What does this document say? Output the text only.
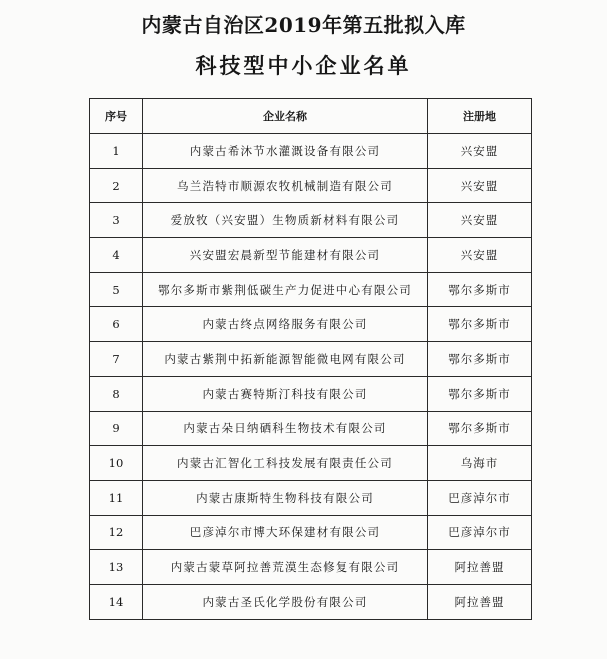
内蒙古自治区2019年第五批拟入库
科技型中小企业名单
序号	企业名称	注册地
1	内蒙古希沐节水灌溉设备有限公司	兴安盟
2	乌兰浩特市顺源农牧机械制造有限公司	兴安盟
3	爱放牧（兴安盟）生物质新材料有限公司	兴安盟
4	兴安盟宏晨新型节能建材有限公司	兴安盟
5	鄂尔多斯市紫荆低碳生产力促进中心有限公司	鄂尔多斯市
6	内蒙古终点网络服务有限公司	鄂尔多斯市
7	内蒙古紫荆中拓新能源智能微电网有限公司	鄂尔多斯市
8	内蒙古赛特斯汀科技有限公司	鄂尔多斯市
9	内蒙古朵日纳硒科生物技术有限公司	鄂尔多斯市
10	内蒙古汇智化工科技发展有限责任公司	乌海市
11	内蒙古康斯特生物科技有限公司	巴彦淖尔市
12	巴彦淖尔市博大环保建材有限公司	巴彦淖尔市
13	内蒙古蒙草阿拉善荒漠生态修复有限公司	阿拉善盟
14	内蒙古圣氏化学股份有限公司	阿拉善盟
